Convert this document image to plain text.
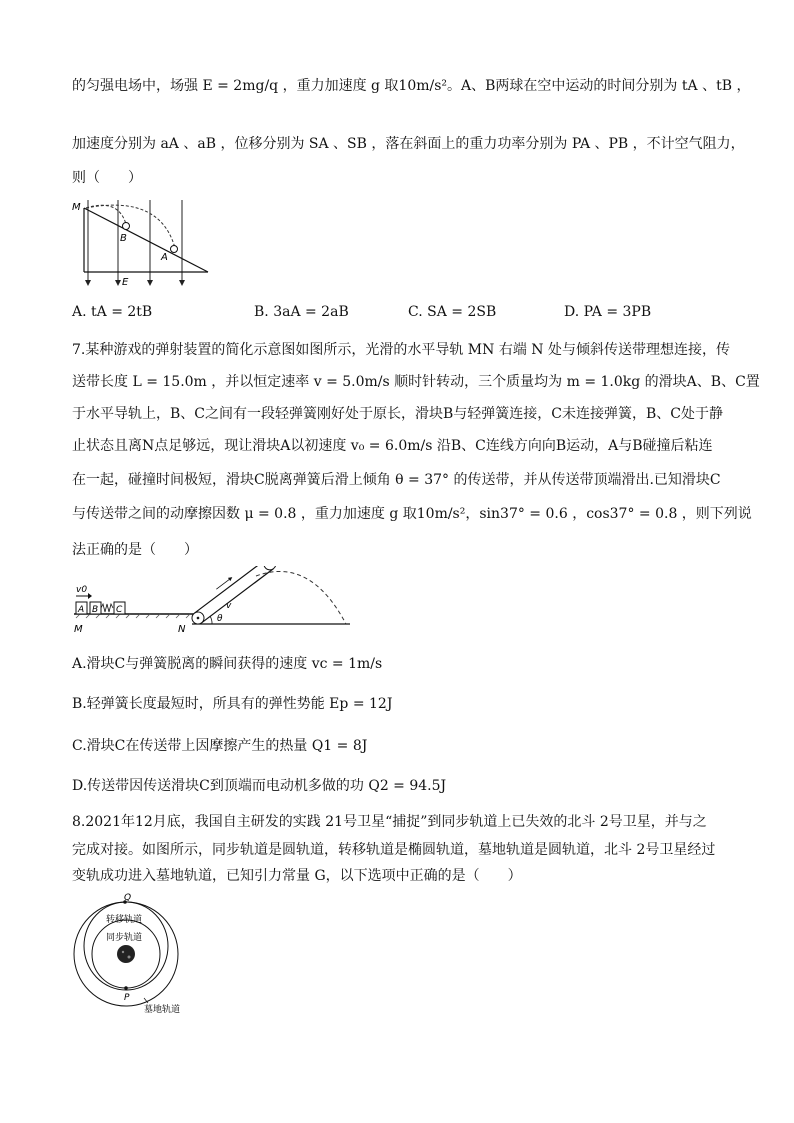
的匀强电场中，场强 E = 2mg/q ，重力加速度 g 取10m/s²。A、B两球在空中运动的时间分别为 tA 、tB ，
加速度分别为 aA 、aB ，位移分别为 SA 、SB ，落在斜面上的重力功率分别为 PA 、PB ，不计空气阻力，
则（　　）
M
B
A
E
A. tA = 2tB	B. 3aA = 2aB	C. SA = 2SB	D. PA = 3PB
7.某种游戏的弹射装置的简化示意图如图所示，光滑的水平导轨 MN 右端 N 处与倾斜传送带理想连接，传
送带长度 L = 15.0m ，并以恒定速率 v = 5.0m/s 顺时针转动，三个质量均为 m = 1.0kg 的滑块A、B、C置
于水平导轨上，B、C之间有一段轻弹簧刚好处于原长，滑块B与轻弹簧连接，C未连接弹簧，B、C处于静
止状态且离N点足够远，现让滑块A以初速度 v₀ = 6.0m/s 沿B、C连线方向向B运动，A与B碰撞后粘连
在一起，碰撞时间极短，滑块C脱离弹簧后滑上倾角 θ = 37° 的传送带，并从传送带顶端滑出.已知滑块C
与传送带之间的动摩擦因数 μ = 0.8 ，重力加速度 g 取10m/s²，sin37° = 0.6 ，cos37° = 0.8 ，则下列说
法正确的是（　　）
A B C
v0
M	N
v
θ
A.滑块C与弹簧脱离的瞬间获得的速度 vc = 1m/s
B.轻弹簧长度最短时，所具有的弹性势能 Ep = 12J
C.滑块C在传送带上因摩擦产生的热量 Q1 = 8J
D.传送带因传送滑块C到顶端而电动机多做的功 Q2 = 94.5J
8.2021年12月底，我国自主研发的实践 21号卫星“捕捉”到同步轨道上已失效的北斗 2号卫星，并与之
完成对接。如图所示，同步轨道是圆轨道，转移轨道是椭圆轨道，墓地轨道是圆轨道，北斗 2号卫星经过
变轨成功进入墓地轨道，已知引力常量 G，以下选项中正确的是（　　）
Q
转移轨道
同步轨道
P
墓地轨道
